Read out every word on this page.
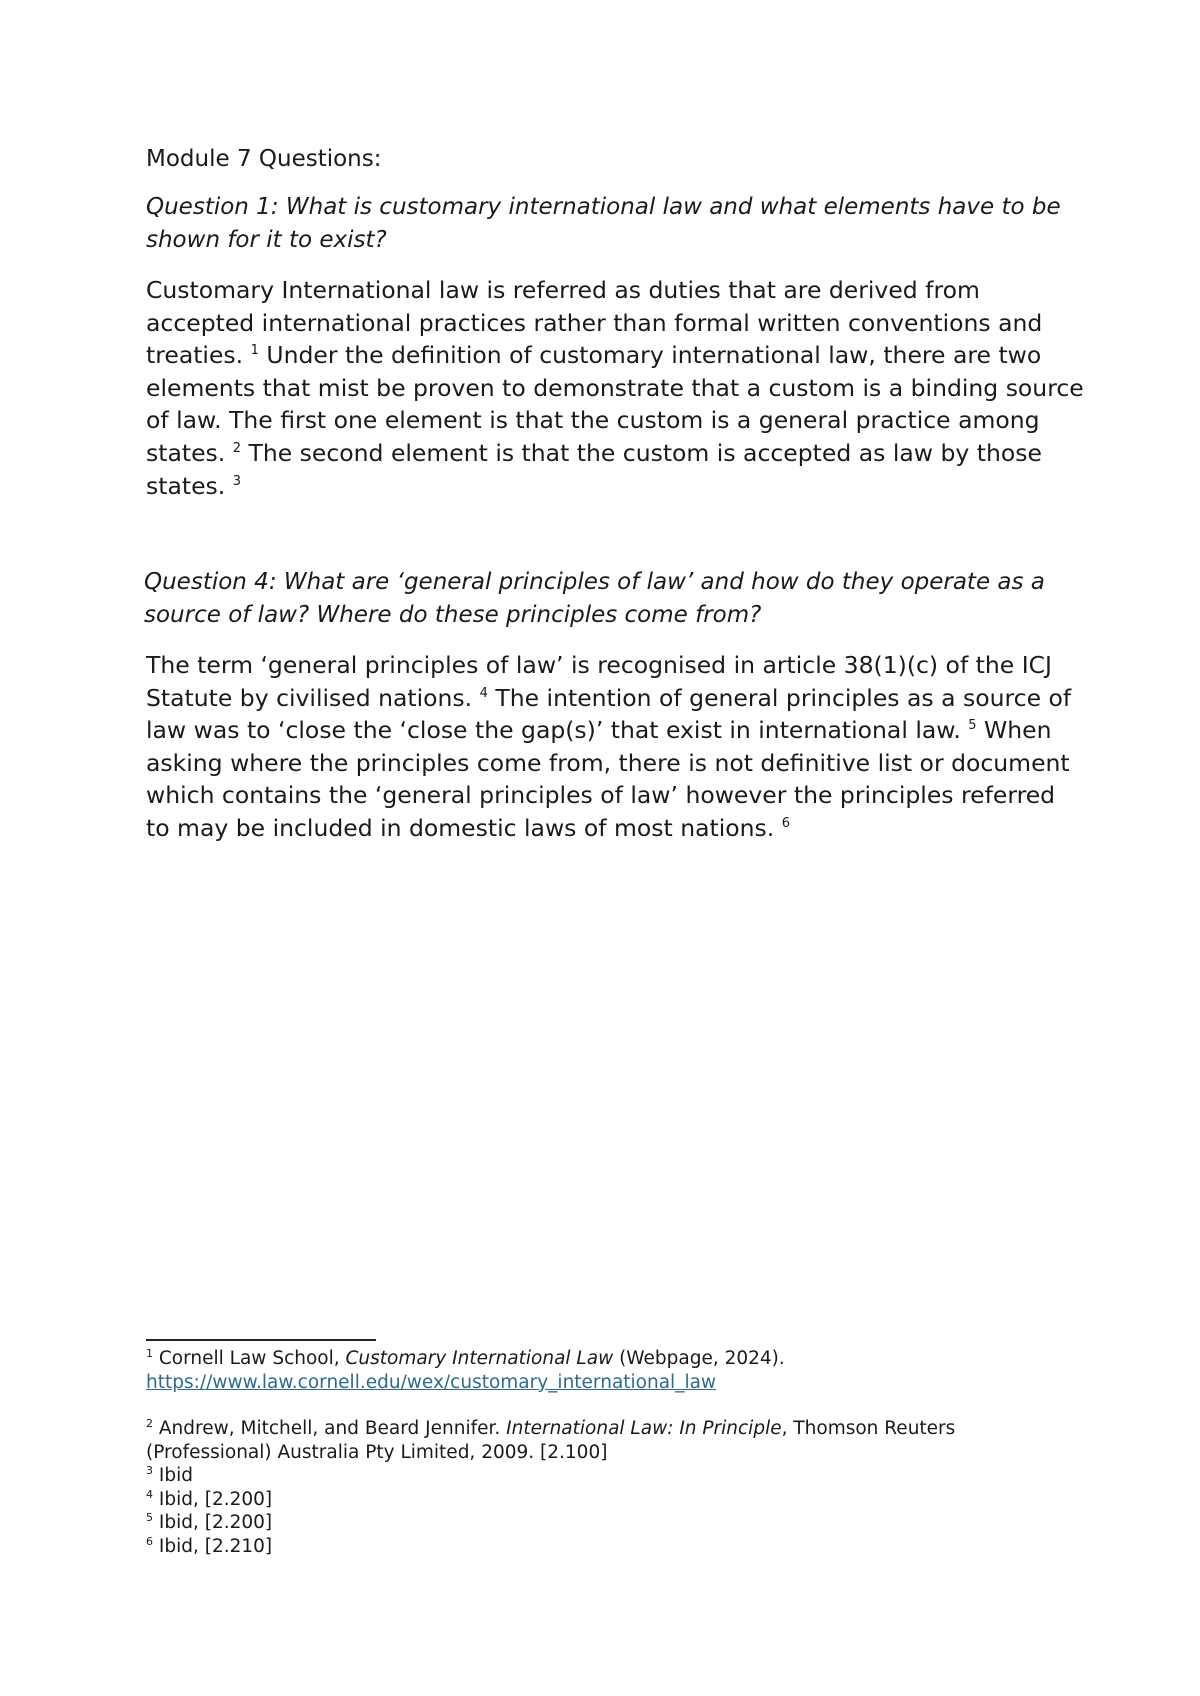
Module 7 Questions:

Question 1: What is customary international law and what elements have to be shown for it to exist?

Customary International law is referred as duties that are derived from accepted international practices rather than formal written conventions and treaties. $^1$ Under the definition of customary international law, there are two elements that mist be proven to demonstrate that a custom is a binding source of law. The first one element is that the custom is a general practice among states. $^2$ The second element is that the custom is accepted as law by those states. $^3$

Question 4: What are ‘general principles of law’ and how do they operate as a source of law? Where do these principles come from?

The term ‘general principles of law’ is recognised in article 38(1)(c) of the ICJ Statute by civilised nations. $^4$ The intention of general principles as a source of law was to ‘close the ‘close the gap(s)’ that exist in international law. $^5$ When asking where the principles come from, there is not definitive list or document which contains the ‘general principles of law’ however the principles referred to may be included in domestic laws of most nations. $^6$

$^1$ Cornell Law School, Customary International Law (Webpage, 2024).
https://www.law.cornell.edu/wex/customary_international_law

$^2$ Andrew, Mitchell, and Beard Jennifer. International Law: In Principle, Thomson Reuters (Professional) Australia Pty Limited, 2009. [2.100]

$^3$ Ibid

$^4$ Ibid, [2.200]

$^5$ Ibid, [2.200]

$^6$ Ibid, [2.210]
